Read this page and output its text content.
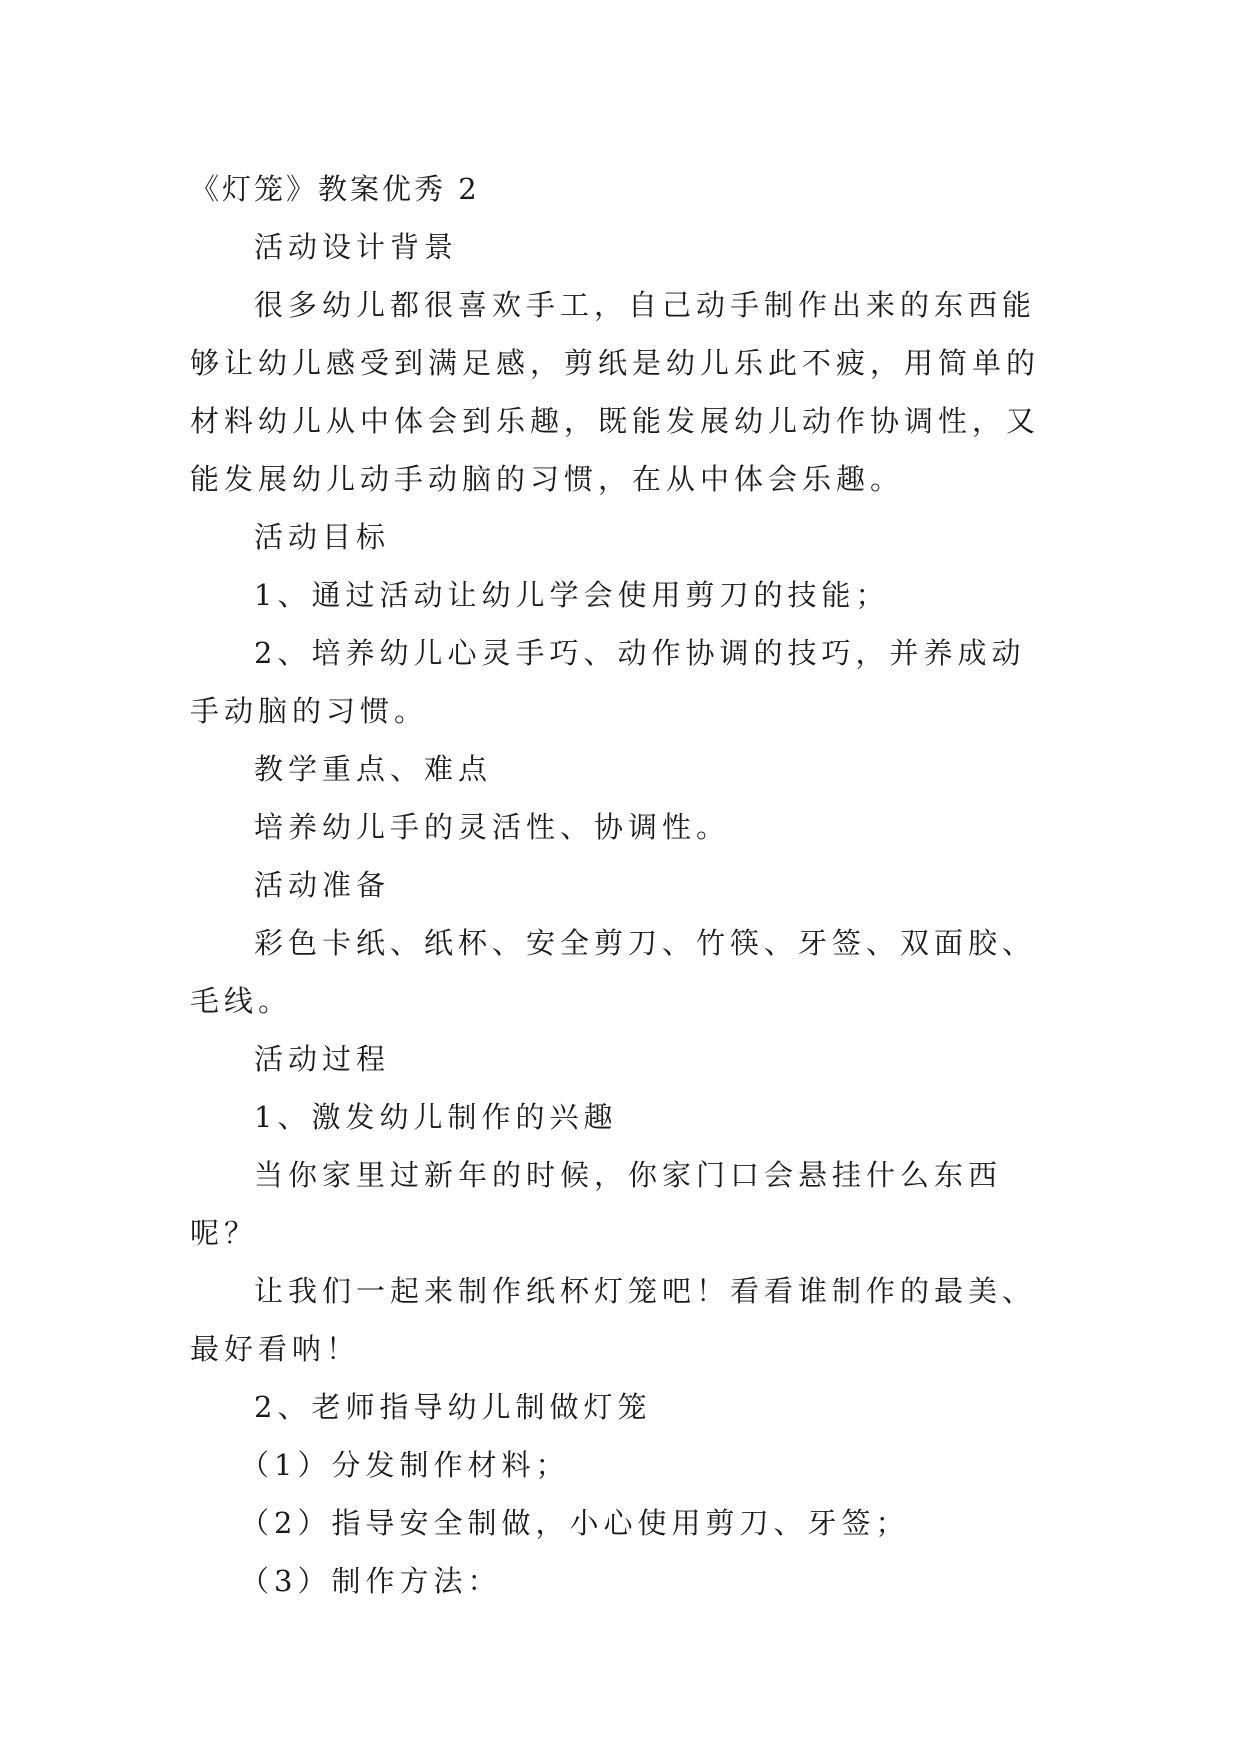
《灯笼》教案优秀 2

活动设计背景

很多幼儿都很喜欢手工，自己动手制作出来的东西能够让幼儿感受到满足感，剪纸是幼儿乐此不疲，用简单的材料幼儿从中体会到乐趣，既能发展幼儿动作协调性，又能发展幼儿动手动脑的习惯，在从中体会乐趣。

活动目标

1、通过活动让幼儿学会使用剪刀的技能；

2、培养幼儿心灵手巧、动作协调的技巧，并养成动手动脑的习惯。

教学重点、难点

培养幼儿手的灵活性、协调性。

活动准备

彩色卡纸、纸杯、安全剪刀、竹筷、牙签、双面胶、毛线。

活动过程

1、激发幼儿制作的兴趣

当你家里过新年的时候，你家门口会悬挂什么东西呢？

让我们一起来制作纸杯灯笼吧！看看谁制作的最美、最好看呐！

2、老师指导幼儿制做灯笼

（1）分发制作材料；

（2）指导安全制做，小心使用剪刀、牙签；

（3）制作方法：
